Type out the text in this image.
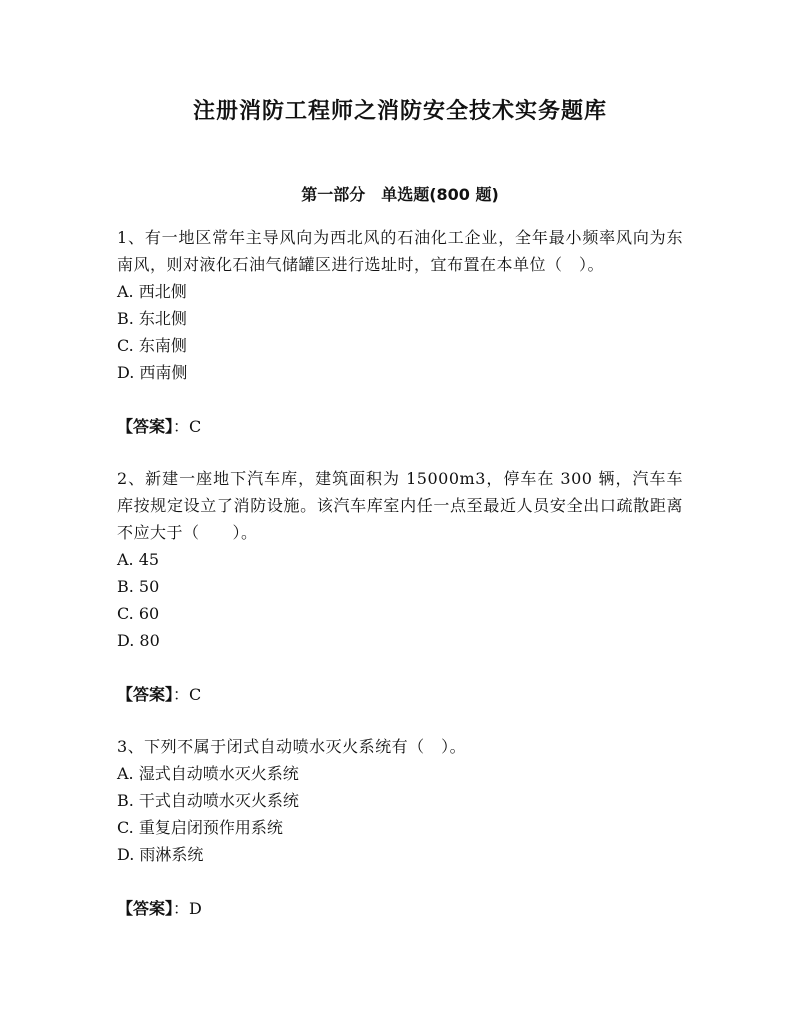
注册消防工程师之消防安全技术实务题库
第一部分　单选题(800 题)

1、有一地区常年主导风向为西北风的石油化工企业，全年最小频率风向为东南风，则对液化石油气储罐区进行选址时，宜布置在本单位（　）。

A. 西北侧

B. 东北侧

C. 东南侧

D. 西南侧

【答案】：C

2、新建一座地下汽车库，建筑面积为 15000m3，停车在 300 辆，汽车车库按规定设立了消防设施。该汽车库室内任一点至最近人员安全出口疏散距离不应大于（　　）。

A. 45

B. 50

C. 60

D. 80

【答案】：C

3、下列不属于闭式自动喷水灭火系统有（　）。

A. 湿式自动喷水灭火系统

B. 干式自动喷水灭火系统

C. 重复启闭预作用系统

D. 雨淋系统

【答案】：D
